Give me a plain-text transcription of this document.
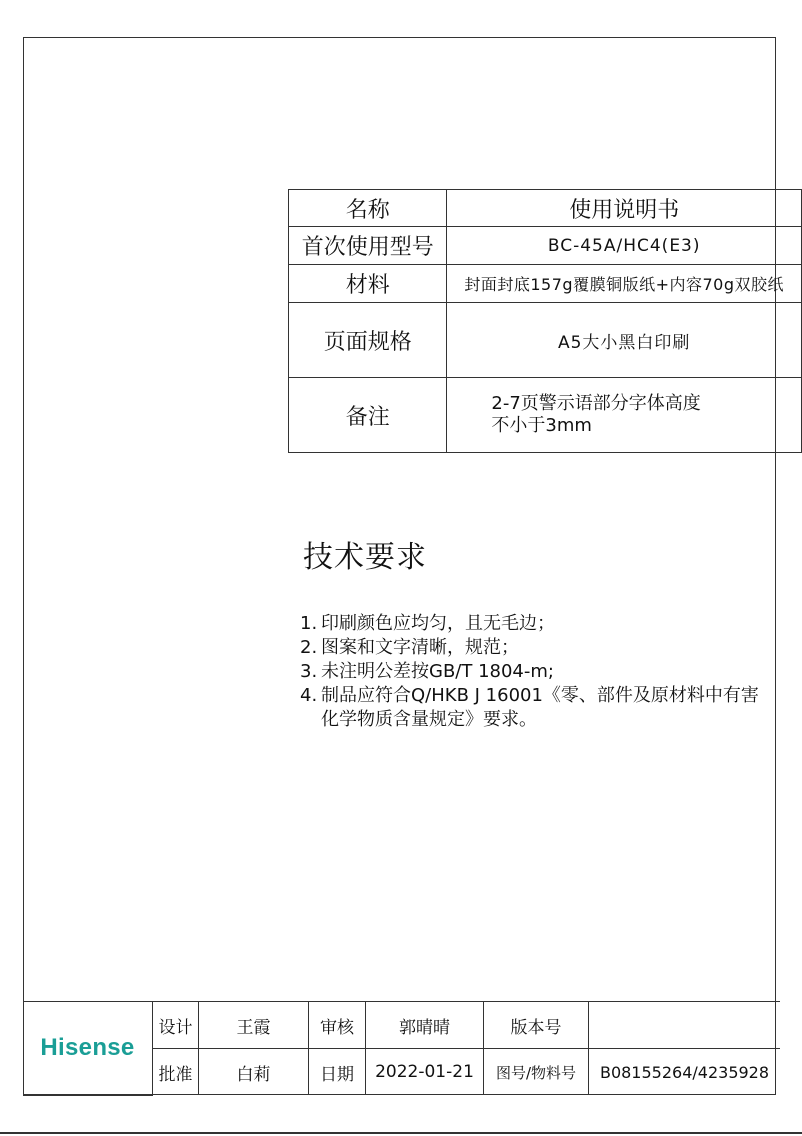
名称	使用说明书
首次使用型号	BC-45A/HC4(E3)
材料	封面封底157g覆膜铜版纸+内容70g双胶纸
页面规格	A5大小黑白印刷
备注	2-7页警示语部分字体高度
不小于3mm
技术要求
1. 印刷颜色应均匀，且无毛边；
2. 图案和文字清晰，规范；
3. 未注明公差按GB/T 1804-m;
4. 制品应符合Q/HKB J 16001《零、部件及原材料中有害化学物质含量规定》要求。
Hisense	设计	王霞	审核	郭晴晴	版本号	
	批准	白莉	日期	2022-01-21	图号/物料号	B08155264/4235928
